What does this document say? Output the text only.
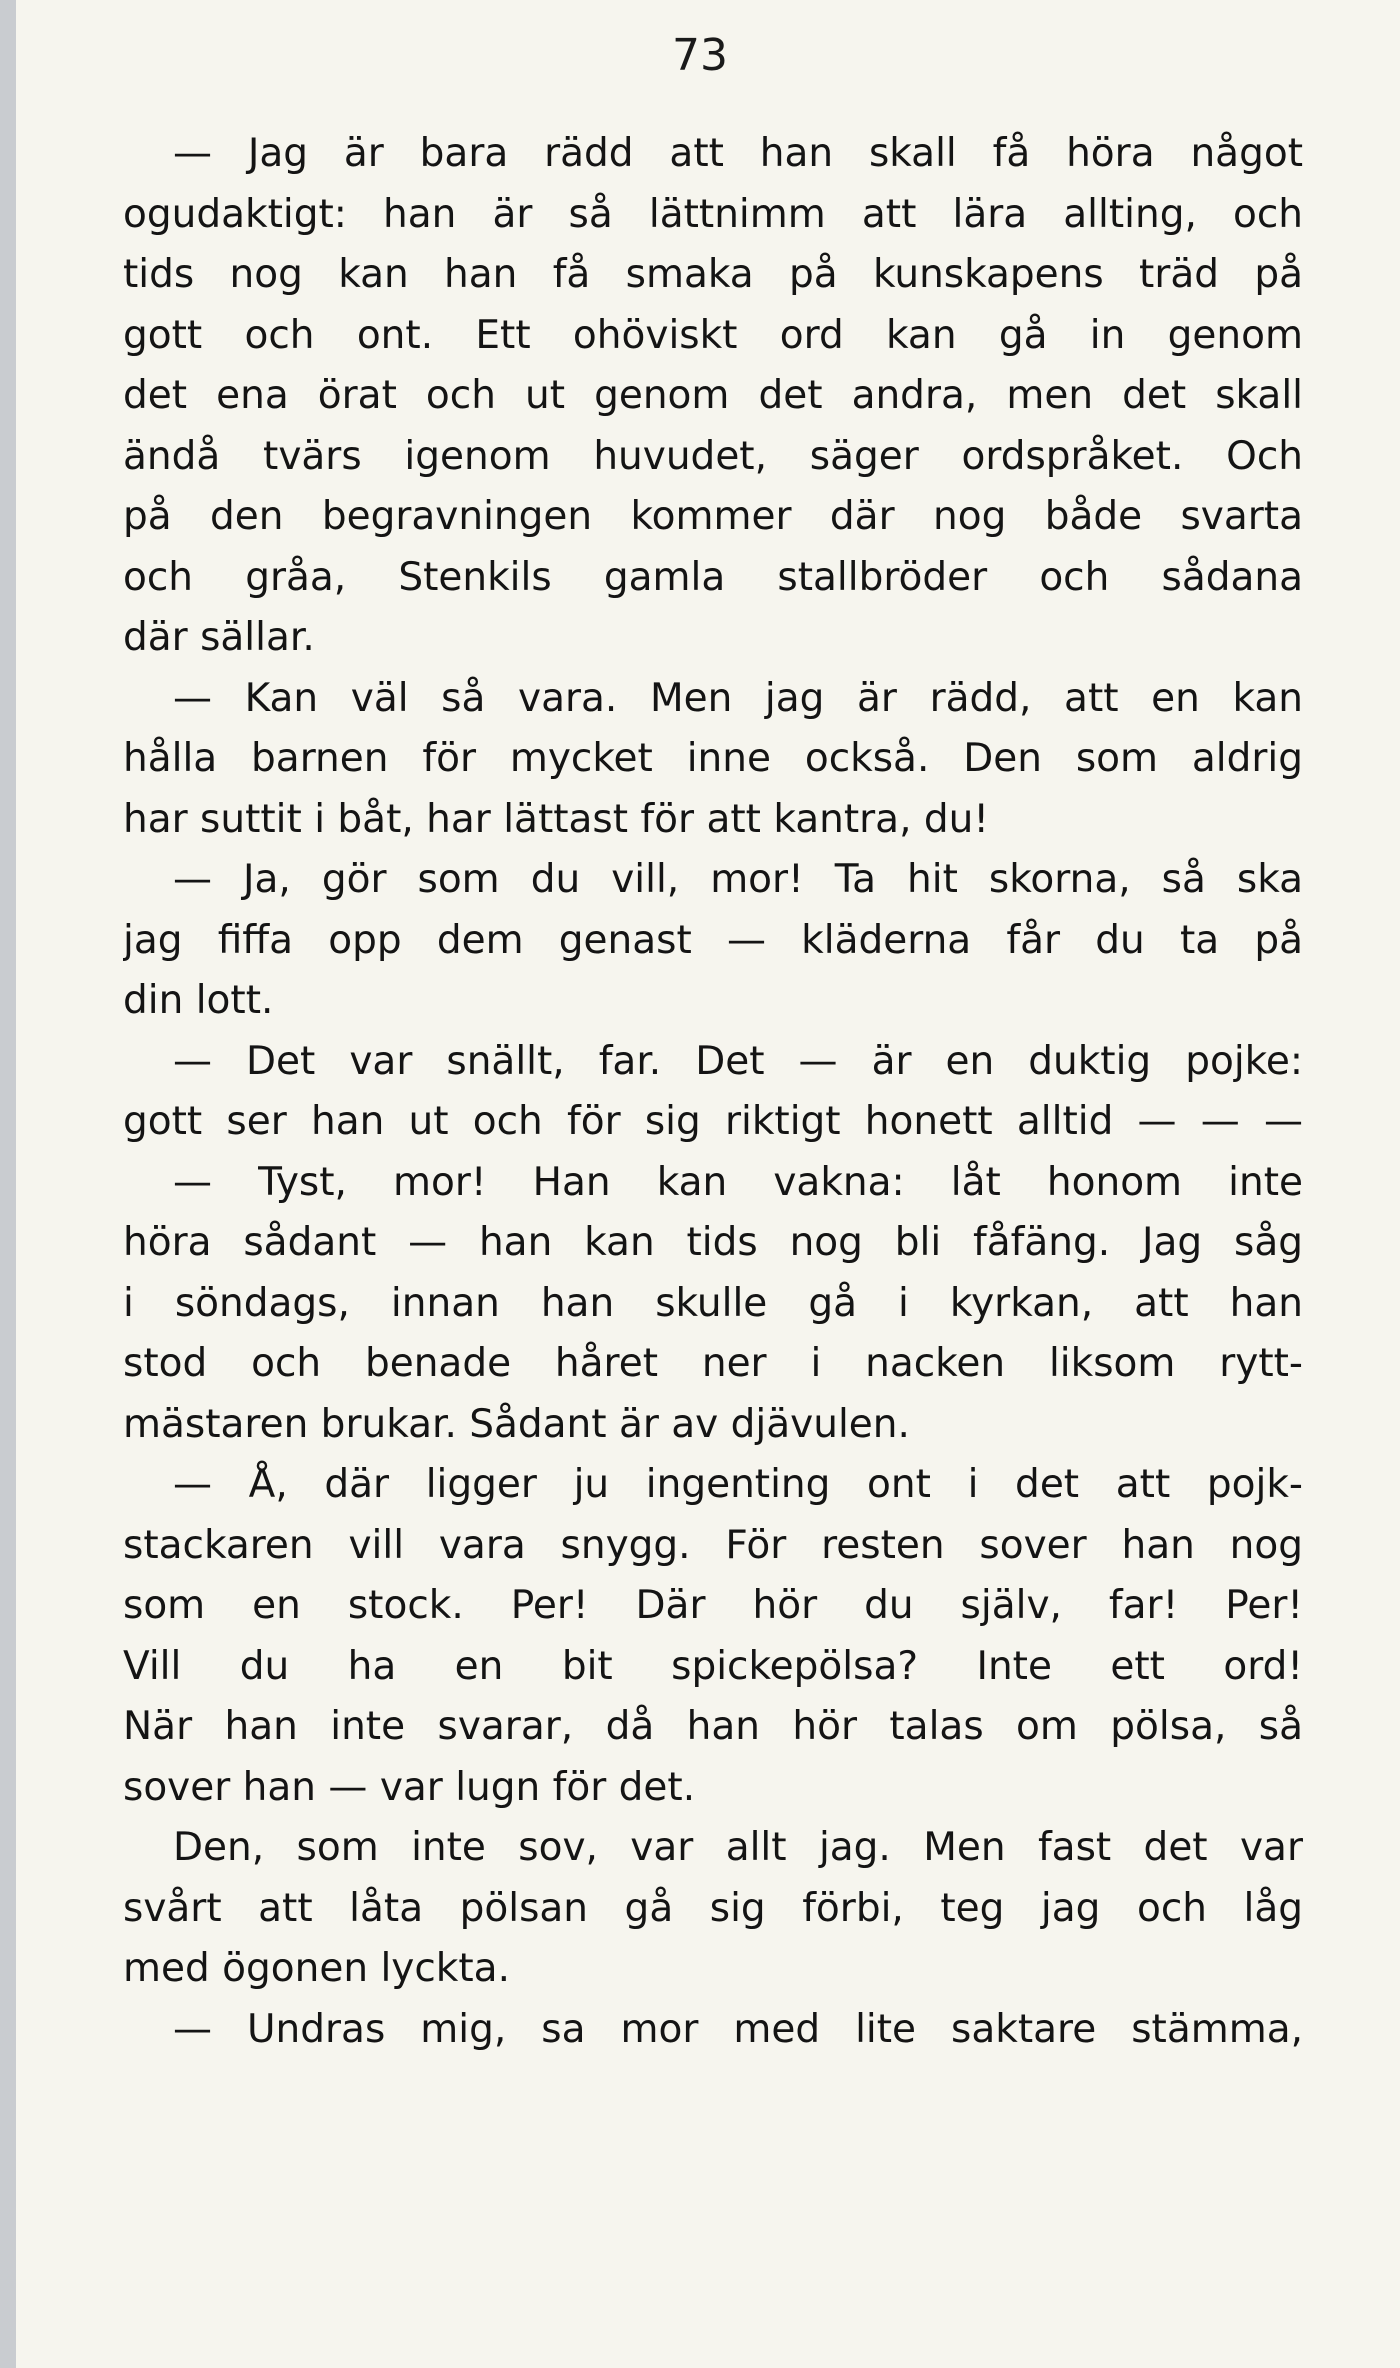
73
— Jag är bara rädd att han skall få höra något
ogudaktigt: han är så lättnimm att lära allting, och
tids nog kan han få smaka på kunskapens träd på
gott och ont. Ett ohöviskt ord kan gå in genom
det ena örat och ut genom det andra, men det skall
ändå tvärs igenom huvudet, säger ordspråket. Och
på den begravningen kommer där nog både svarta
och gråa, Stenkils gamla stallbröder och sådana
där sällar.
— Kan väl så vara. Men jag är rädd, att en kan
hålla barnen för mycket inne också. Den som aldrig
har suttit i båt, har lättast för att kantra, du!
— Ja, gör som du vill, mor! Ta hit skorna, så ska
jag fiffa opp dem genast — kläderna får du ta på
din lott.
— Det var snällt, far. Det — är en duktig pojke:
gott ser han ut och för sig riktigt honett alltid — — —
— Tyst, mor! Han kan vakna: låt honom inte
höra sådant — han kan tids nog bli fåfäng. Jag såg
i söndags, innan han skulle gå i kyrkan, att han
stod och benade håret ner i nacken liksom rytt-
mästaren brukar. Sådant är av djävulen.
— Å, där ligger ju ingenting ont i det att pojk-
stackaren vill vara snygg. För resten sover han nog
som en stock. Per! Där hör du själv, far! Per!
Vill du ha en bit spickepölsa? Inte ett ord!
När han inte svarar, då han hör talas om pölsa, så
sover han — var lugn för det.
Den, som inte sov, var allt jag. Men fast det var
svårt att låta pölsan gå sig förbi, teg jag och låg
med ögonen lyckta.
— Undras mig, sa mor med lite saktare stämma,
